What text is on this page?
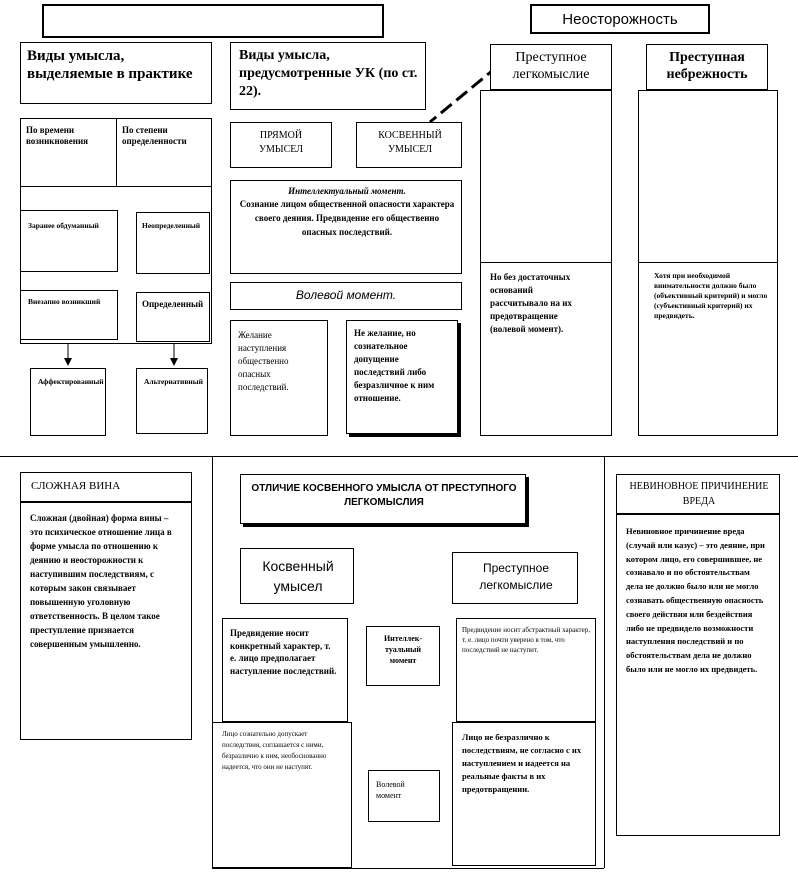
Неосторожность
Виды умысла, выделяемые в практике
По времени возникновения
По степени определенности
Заранее обдуманный	Неопределенный
Внезапно возникший	Определенный
Аффектированный	Альтернативный
Виды умысла, предусмотренные УК (по ст. 22).
ПРЯМОЙ УМЫСЕЛ
КОСВЕННЫЙ УМЫСЕЛ
Интеллектуальный момент.
Сознание лицом общественной опасности характера своего деяния. Предвидение его общественно опасных последствий.
Волевой момент.
Желание наступления общественно опасных последствий.
Не желание, но сознательное допущение последствий либо безразличное к ним отношение.
Преступное легкомыслие
Но без достаточных оснований рассчитывало на их предотвращение (волевой момент).
Преступная небрежность
Хотя при необходимой внимательности должно было (объективный критерий) и могло (субъективный критерий) их предвидеть.
СЛОЖНАЯ ВИНА
Сложная (двойная) форма вины – это психическое отношение лица в форме умысла по отношению к деянию и неосторожности к наступившим последствиям, с которым закон связывает повышенную уголовную ответственность. В целом такое преступление признается совершенным умышленно.
ОТЛИЧИЕ КОСВЕННОГО УМЫСЛА ОТ ПРЕСТУПНОГО ЛЕГКОМЫСЛИЯ
Косвенный умысел
Преступное легкомыслие
Предвидение носит конкретный характер, т. е. лицо предполагает наступление последствий.
Интеллек-туальный момент
Предвидение носит абстрактный характер, т. е. лицо почти уверено в том, что последствий не наступит.
Лицо сознательно допускает последствия, соглашается с ними, безразлично к ним, необоснованно надеется, что они не наступят.
Волевой момент
Лицо не безразлично к последствиям, не согласно с их наступлением и надеется на реальные факты в их предотвращении.
НЕВИНОВНОЕ ПРИЧИНЕНИЕ ВРЕДА
Невиновное причинение вреда (случай или казус) – это деяние, при котором лицо, его совершившее, не сознавало и по обстоятельствам дела не должно было или не могло сознавать общественную опасность своего действия или бездействия либо не предвидело возможности наступления последствий и по обстоятельствам дела не должно было или не могло их предвидеть.
